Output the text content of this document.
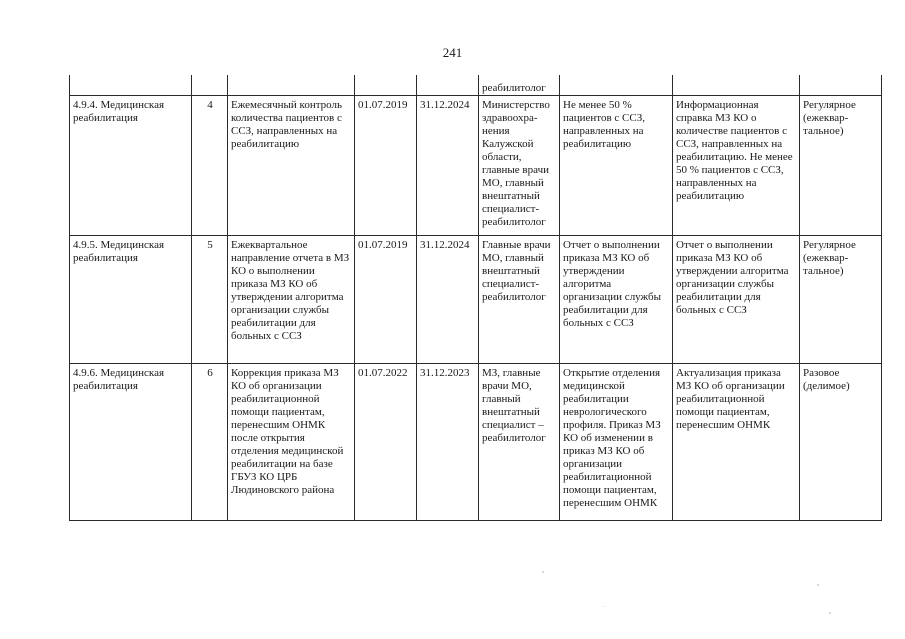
241
					реабилитолог			
4.9.4. Медицинская реабилитация	4	Ежемесячный контроль количества пациентов с ССЗ, направленных на реабилитацию	01.07.2019	31.12.2024	Министерство здравоохра-нения Калужской области, главные врачи МО, главный внештатный специалист-реабилитолог	Не менее 50 % пациентов с ССЗ, направленных на реабилитацию	Информационная справка МЗ КО о количестве пациентов с ССЗ, направленных на реабилитацию. Не менее 50 % пациентов с ССЗ, направленных на реабилитацию	Регулярное (ежеквар-тальное)
4.9.5. Медицинская реабилитация	5	Ежеквартальное направление отчета в МЗ КО о выполнении приказа МЗ КО об утверждении алгоритма организации службы реабилитации для больных с ССЗ	01.07.2019	31.12.2024	Главные врачи МО, главный внештатный специалист-реабилитолог	Отчет о выполнении приказа МЗ КО об утверждении алгоритма организации службы реабилитации для больных с ССЗ	Отчет о выполнении приказа МЗ КО об утверждении алгоритма организации службы реабилитации для больных с ССЗ	Регулярное (ежеквар-тальное)
4.9.6. Медицинская реабилитация	6	Коррекция приказа МЗ КО об организации реабилитационной помощи пациентам, перенесшим ОНМК после открытия отделения медицинской реабилитации на базе ГБУЗ КО ЦРБ Людиновского района	01.07.2022	31.12.2023	МЗ, главные врачи МО, главный внештатный специалист – реабилитолог	Открытие отделения медицинской реабилитации неврологического профиля. Приказ МЗ КО об изменении в приказ МЗ КО об организации реабилитационной помощи пациентам, перенесшим ОНМК	Актуализация приказа МЗ КО об организации реабилитационной помощи пациентам, перенесшим ОНМК	Разовое (делимое)
